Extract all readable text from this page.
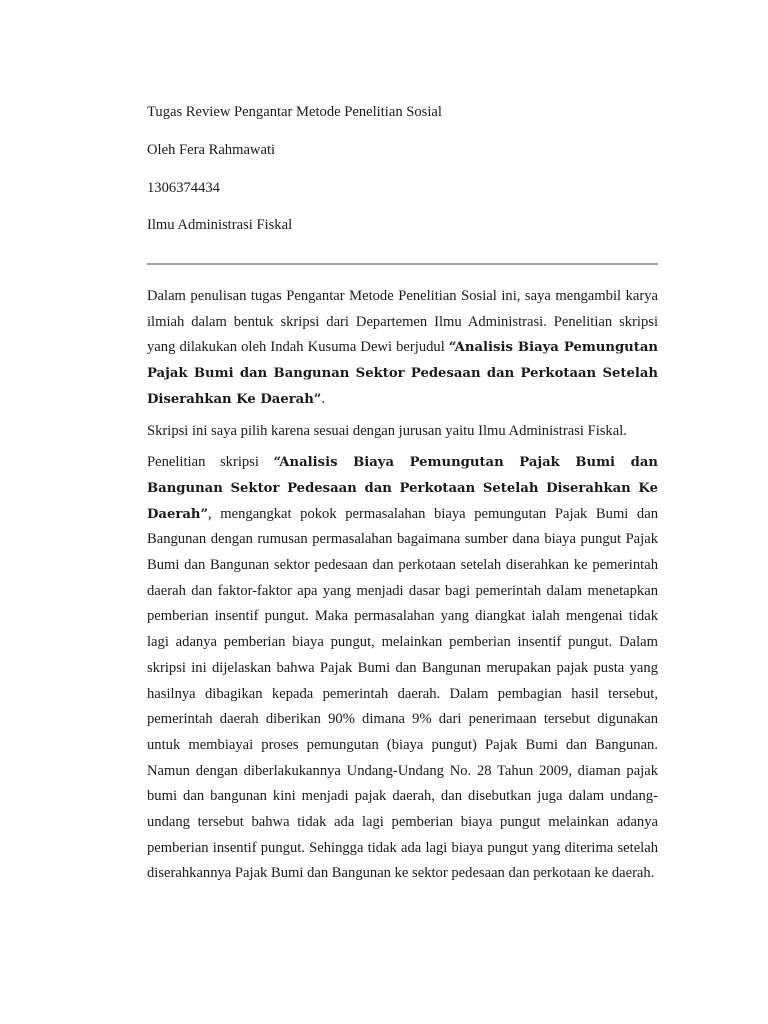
Tugas Review Pengantar Metode Penelitian Sosial
Oleh Fera Rahmawati
1306374434
Ilmu Administrasi Fiskal

Dalam penulisan tugas Pengantar Metode Penelitian Sosial ini, saya mengambil karya ilmiah dalam bentuk skripsi dari Departemen Ilmu Administrasi. Penelitian skripsi yang dilakukan oleh Indah Kusuma Dewi berjudul “Analisis Biaya Pemungutan Pajak Bumi dan Bangunan Sektor Pedesaan dan Perkotaan Setelah Diserahkan Ke Daerah”.

Skripsi ini saya pilih karena sesuai dengan jurusan yaitu Ilmu Administrasi Fiskal.

Penelitian skripsi “Analisis Biaya Pemungutan Pajak Bumi dan Bangunan Sektor Pedesaan dan Perkotaan Setelah Diserahkan Ke Daerah”, mengangkat pokok permasalahan biaya pemungutan Pajak Bumi dan Bangunan dengan rumusan permasalahan bagaimana sumber dana biaya pungut Pajak Bumi dan Bangunan sektor pedesaan dan perkotaan setelah diserahkan ke pemerintah daerah dan faktor-faktor apa yang menjadi dasar bagi pemerintah dalam menetapkan pemberian insentif pungut. Maka permasalahan yang diangkat ialah mengenai tidak lagi adanya pemberian biaya pungut, melainkan pemberian insentif pungut. Dalam skripsi ini dijelaskan bahwa Pajak Bumi dan Bangunan merupakan pajak pusta yang hasilnya dibagikan kepada pemerintah daerah. Dalam pembagian hasil tersebut, pemerintah daerah diberikan 90% dimana 9% dari penerimaan tersebut digunakan untuk membiayai proses pemungutan (biaya pungut) Pajak Bumi dan Bangunan. Namun dengan diberlakukannya Undang-Undang No. 28 Tahun 2009, diaman pajak bumi dan bangunan kini menjadi pajak daerah, dan disebutkan juga dalam undang-undang tersebut bahwa tidak ada lagi pemberian biaya pungut melainkan adanya pemberian insentif pungut. Sehingga tidak ada lagi biaya pungut yang diterima setelah diserahkannya Pajak Bumi dan Bangunan ke sektor pedesaan dan perkotaan ke daerah.
